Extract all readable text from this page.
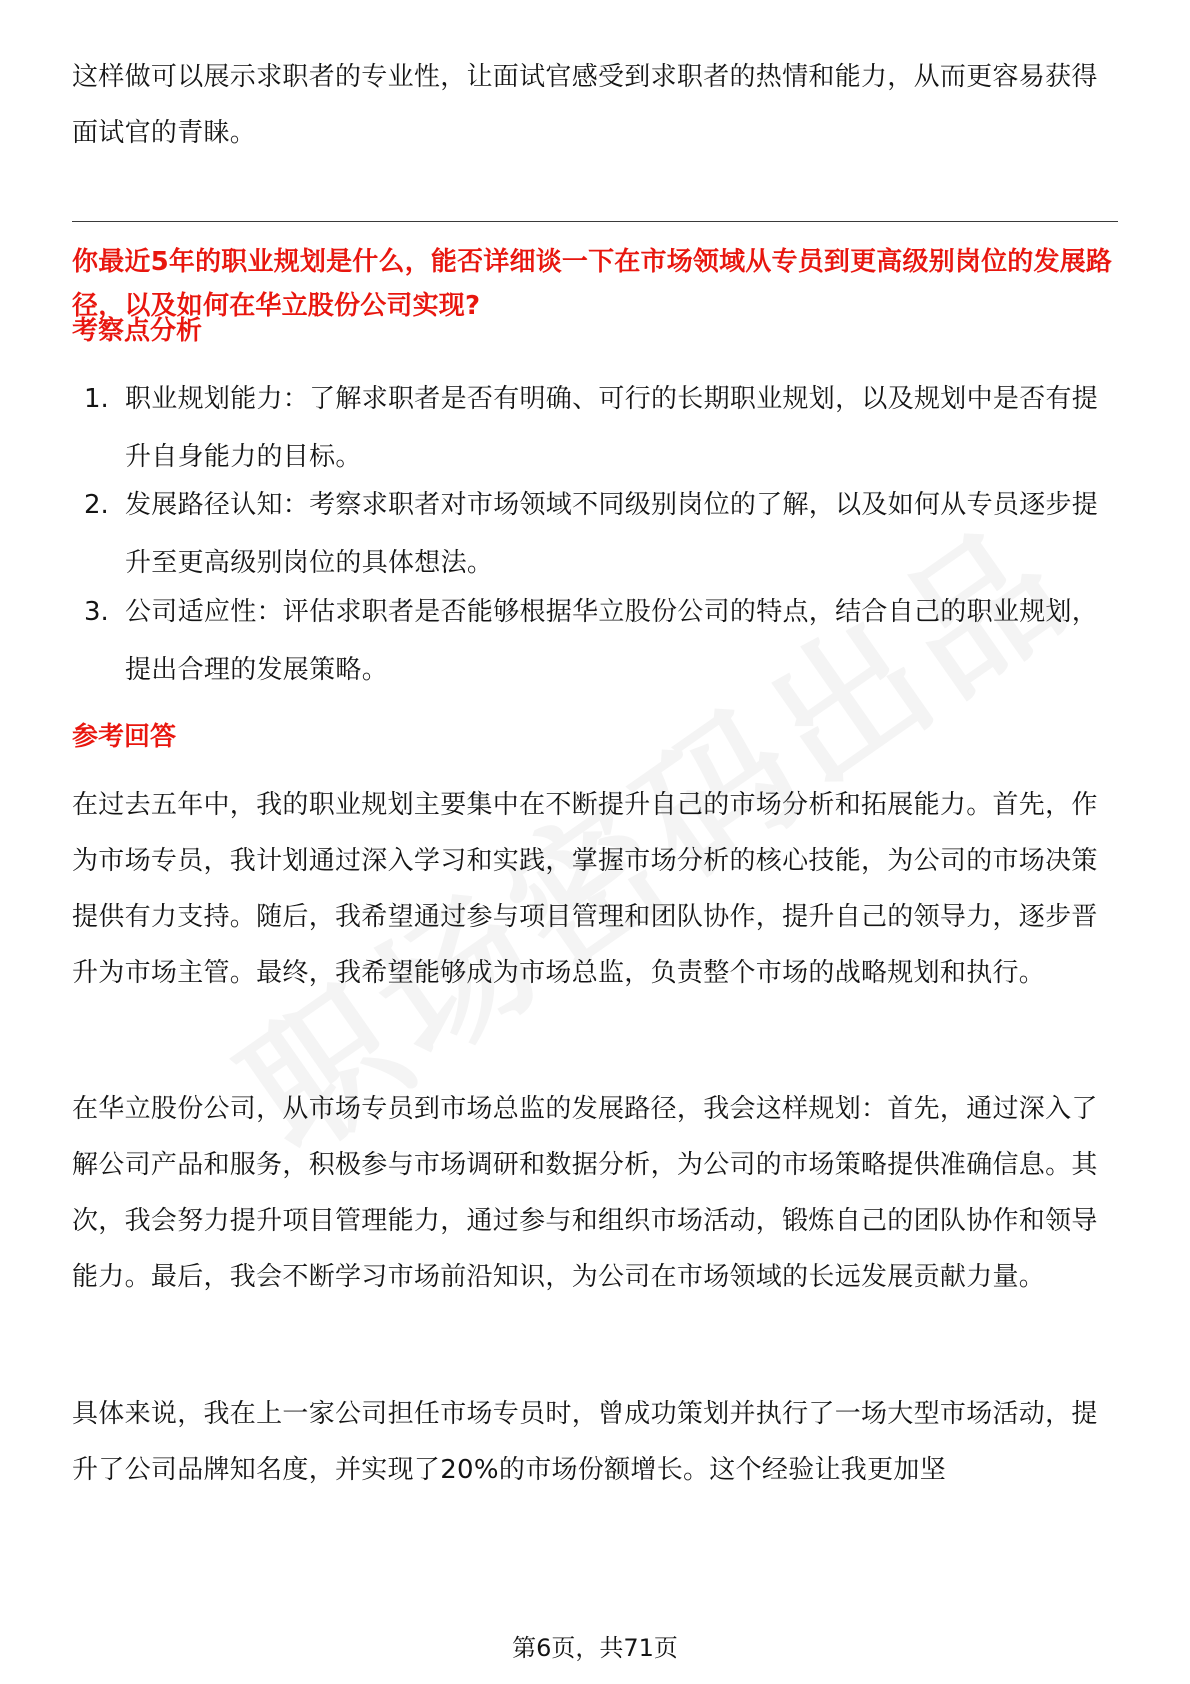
这样做可以展示求职者的专业性，让面试官感受到求职者的热情和能力，从而更容易获得面试官的青睐。
你最近5年的职业规划是什么，能否详细谈一下在市场领域从专员到更高级别岗位的发展路径，以及如何在华立股份公司实现?
考察点分析
1. 职业规划能力：了解求职者是否有明确、可行的长期职业规划，以及规划中是否有提升自身能力的目标。
2. 发展路径认知：考察求职者对市场领域不同级别岗位的了解，以及如何从专员逐步提升至更高级别岗位的具体想法。
3. 公司适应性：评估求职者是否能够根据华立股份公司的特点，结合自己的职业规划，提出合理的发展策略。
参考回答
在过去五年中，我的职业规划主要集中在不断提升自己的市场分析和拓展能力。首先，作为市场专员，我计划通过深入学习和实践，掌握市场分析的核心技能，为公司的市场决策提供有力支持。随后，我希望通过参与项目管理和团队协作，提升自己的领导力，逐步晋升为市场主管。最终，我希望能够成为市场总监，负责整个市场的战略规划和执行。
在华立股份公司，从市场专员到市场总监的发展路径，我会这样规划：首先，通过深入了解公司产品和服务，积极参与市场调研和数据分析，为公司的市场策略提供准确信息。其次，我会努力提升项目管理能力，通过参与和组织市场活动，锻炼自己的团队协作和领导能力。最后，我会不断学习市场前沿知识，为公司在市场领域的长远发展贡献力量。
具体来说，我在上一家公司担任市场专员时，曾成功策划并执行了一场大型市场活动，提升了公司品牌知名度，并实现了20%的市场份额增长。这个经验让我更加坚
第6页，共71页
